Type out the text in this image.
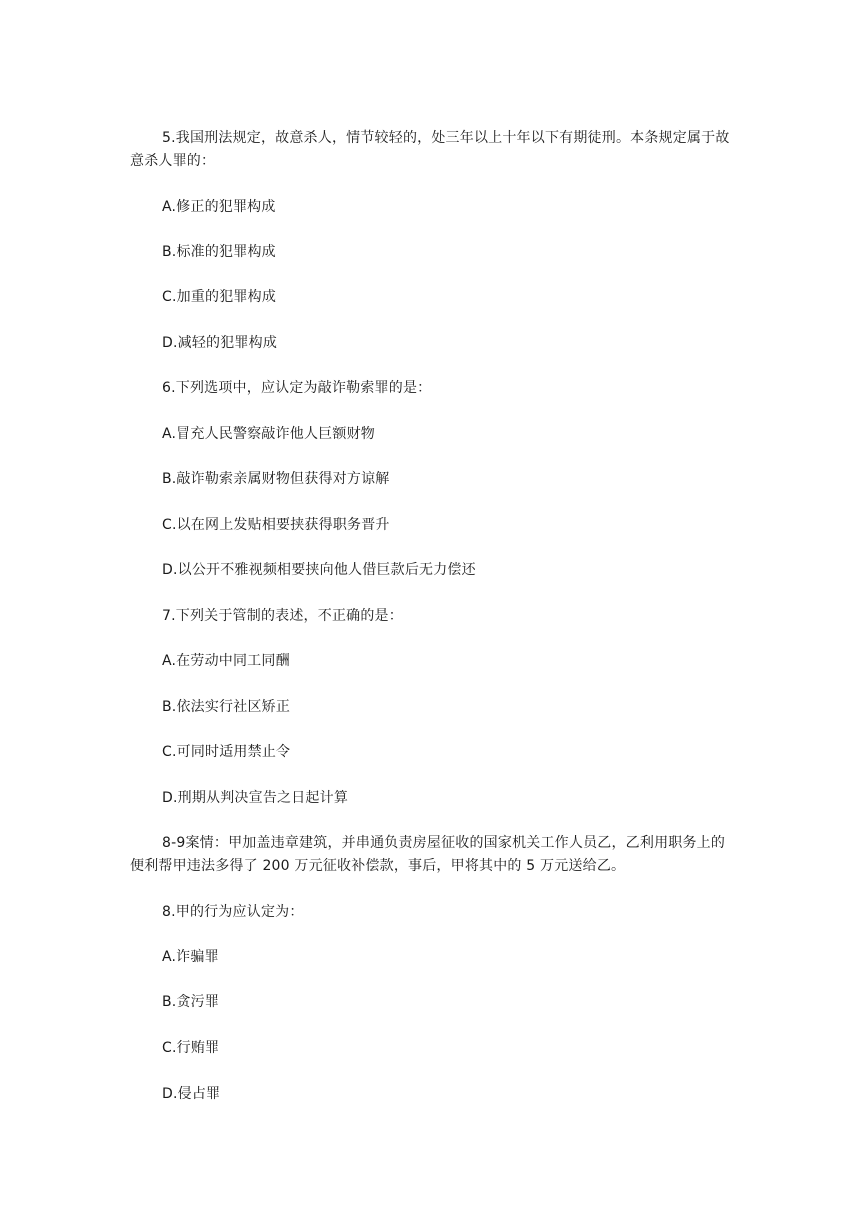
5.我国刑法规定，故意杀人，情节较轻的，处三年以上十年以下有期徒刑。本条规定属于故意杀人罪的：

A.修正的犯罪构成

B.标准的犯罪构成

C.加重的犯罪构成

D.减轻的犯罪构成

6.下列选项中，应认定为敲诈勒索罪的是：

A.冒充人民警察敲诈他人巨额财物

B.敲诈勒索亲属财物但获得对方谅解

C.以在网上发贴相要挟获得职务晋升

D.以公开不雅视频相要挟向他人借巨款后无力偿还

7.下列关于管制的表述，不正确的是：

A.在劳动中同工同酬

B.依法实行社区矫正

C.可同时适用禁止令

D.刑期从判决宣告之日起计算

8-9案情：甲加盖违章建筑，并串通负责房屋征收的国家机关工作人员乙，乙利用职务上的便利帮甲违法多得了 200 万元征收补偿款，事后，甲将其中的 5 万元送给乙。

8.甲的行为应认定为：

A.诈骗罪

B.贪污罪

C.行贿罪

D.侵占罪
